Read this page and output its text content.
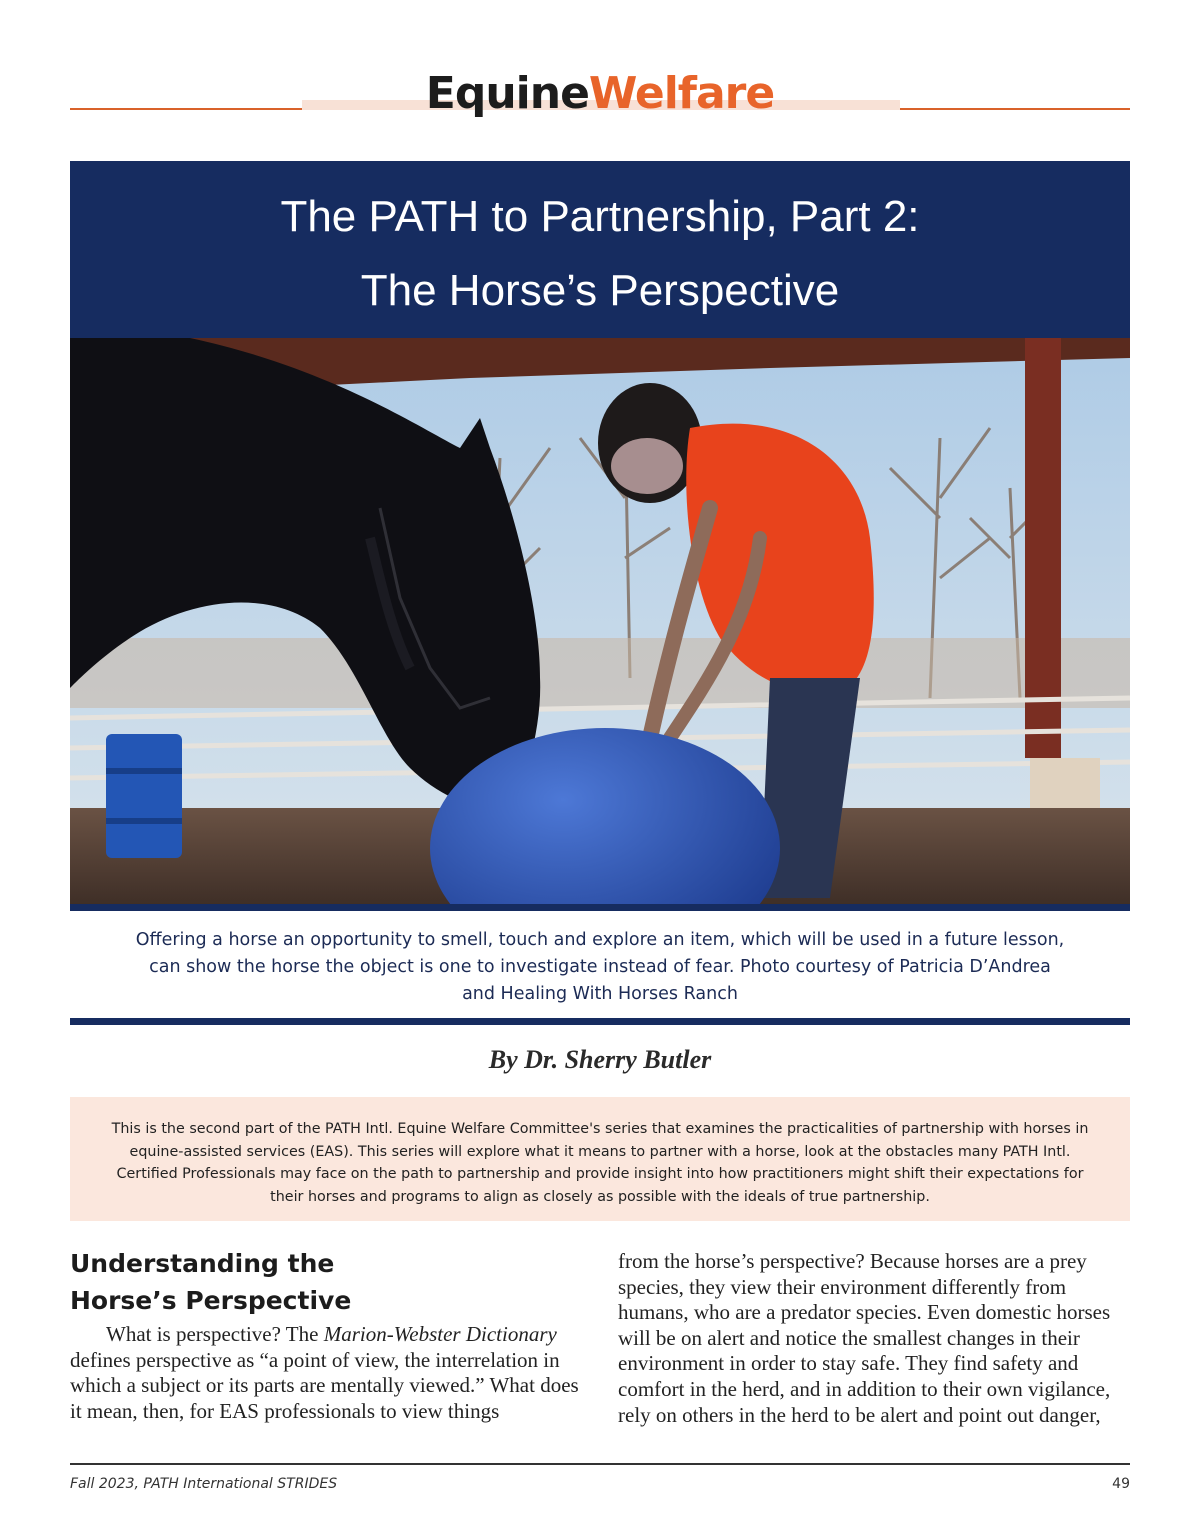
EquineWelfare
The PATH to Partnership, Part 2:
The Horse’s Perspective
Offering a horse an opportunity to smell, touch and explore an item, which will be used in a future lesson, can show the horse the object is one to investigate instead of fear. Photo courtesy of Patricia D’Andrea and Healing With Horses Ranch
By Dr. Sherry Butler
This is the second part of the PATH Intl. Equine Welfare Committee's series that examines the practicalities of partnership with horses in equine-assisted services (EAS). This series will explore what it means to partner with a horse, look at the obstacles many PATH Intl. Certified Professionals may face on the path to partnership and provide insight into how practitioners might shift their expectations for their horses and programs to align as closely as possible with the ideals of true partnership.
Understanding the
Horse’s Perspective
What is perspective? The Marion-Webster Dictionary defines perspective as “a point of view, the interrelation in which a subject or its parts are mentally viewed.” What does it mean, then, for EAS professionals to view things
from the horse’s perspective? Because horses are a prey species, they view their environment differently from humans, who are a predator species. Even domestic horses will be on alert and notice the smallest changes in their environment in order to stay safe. They find safety and comfort in the herd, and in addition to their own vigilance, rely on others in the herd to be alert and point out danger,
Fall 2023, PATH International STRIDES	49
